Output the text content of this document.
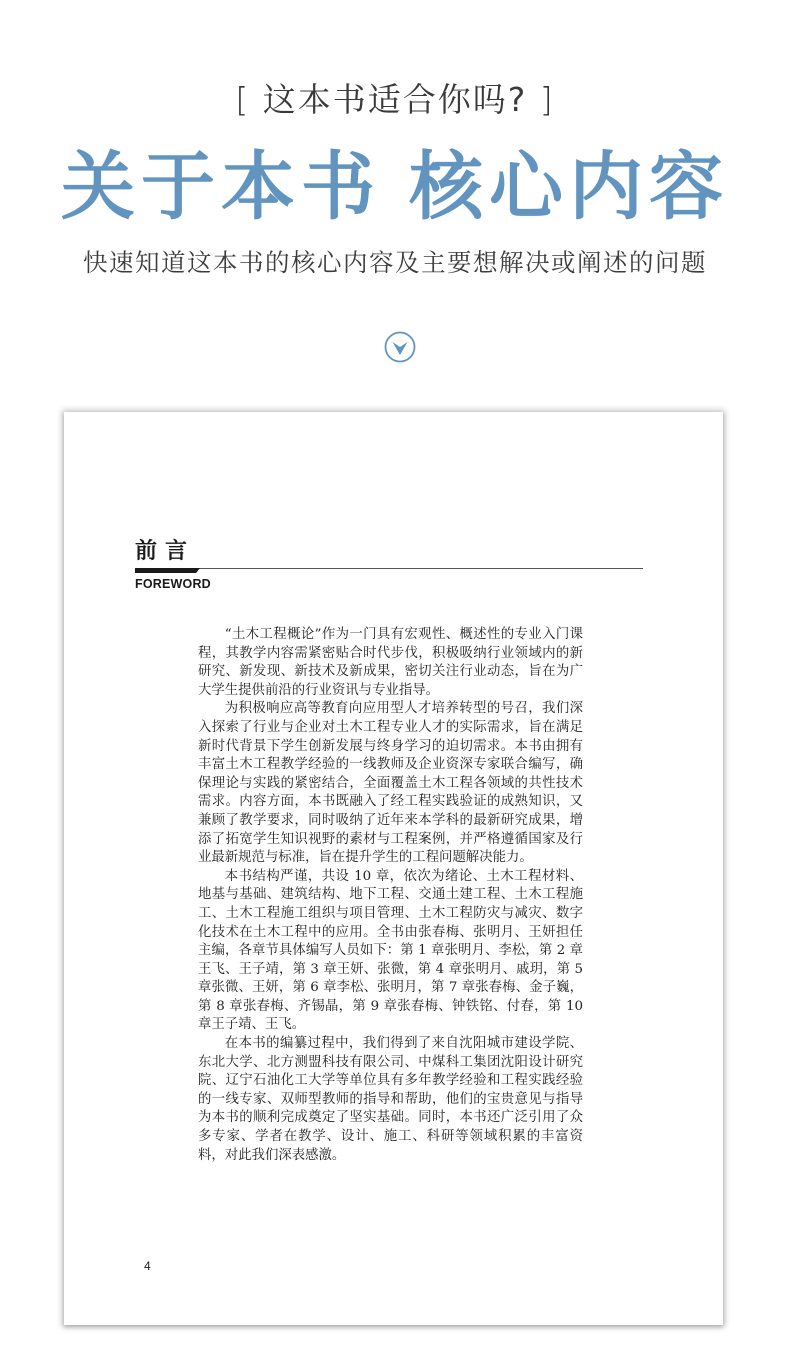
[ 这本书适合你吗? ]
关于本书 核心内容
快速知道这本书的核心内容及主要想解决或阐述的问题
前言
FOREWORD

“土木工程概论”作为一门具有宏观性、概述性的专业入门课程，其教学内容需紧密贴合时代步伐，积极吸纳行业领域内的新研究、新发现、新技术及新成果，密切关注行业动态，旨在为广大学生提供前沿的行业资讯与专业指导。

为积极响应高等教育向应用型人才培养转型的号召，我们深入探索了行业与企业对土木工程专业人才的实际需求，旨在满足新时代背景下学生创新发展与终身学习的迫切需求。本书由拥有丰富土木工程教学经验的一线教师及企业资深专家联合编写，确保理论与实践的紧密结合，全面覆盖土木工程各领域的共性技术需求。内容方面，本书既融入了经工程实践验证的成熟知识，又兼顾了教学要求，同时吸纳了近年来本学科的最新研究成果，增添了拓宽学生知识视野的素材与工程案例，并严格遵循国家及行业最新规范与标准，旨在提升学生的工程问题解决能力。

本书结构严谨，共设 10 章，依次为绪论、土木工程材料、地基与基础、建筑结构、地下工程、交通土建工程、土木工程施工、土木工程施工组织与项目管理、土木工程防灾与减灾、数字化技术在土木工程中的应用。全书由张春梅、张明月、王妍担任主编，各章节具体编写人员如下：第 1 章张明月、李松，第 2 章王飞、王子靖，第 3 章王妍、张微，第 4 章张明月、戚玥，第 5 章张微、王妍，第 6 章李松、张明月，第 7 章张春梅、金子巍，第 8 章张春梅、齐锡晶，第 9 章张春梅、钟铁铭、付春，第 10 章王子靖、王飞。

在本书的编纂过程中，我们得到了来自沈阳城市建设学院、东北大学、北方测盟科技有限公司、中煤科工集团沈阳设计研究院、辽宁石油化工大学等单位具有多年教学经验和工程实践经验的一线专家、双师型教师的指导和帮助，他们的宝贵意见与指导为本书的顺利完成奠定了坚实基础。同时，本书还广泛引用了众多专家、学者在教学、设计、施工、科研等领域积累的丰富资料，对此我们深表感激。

4
